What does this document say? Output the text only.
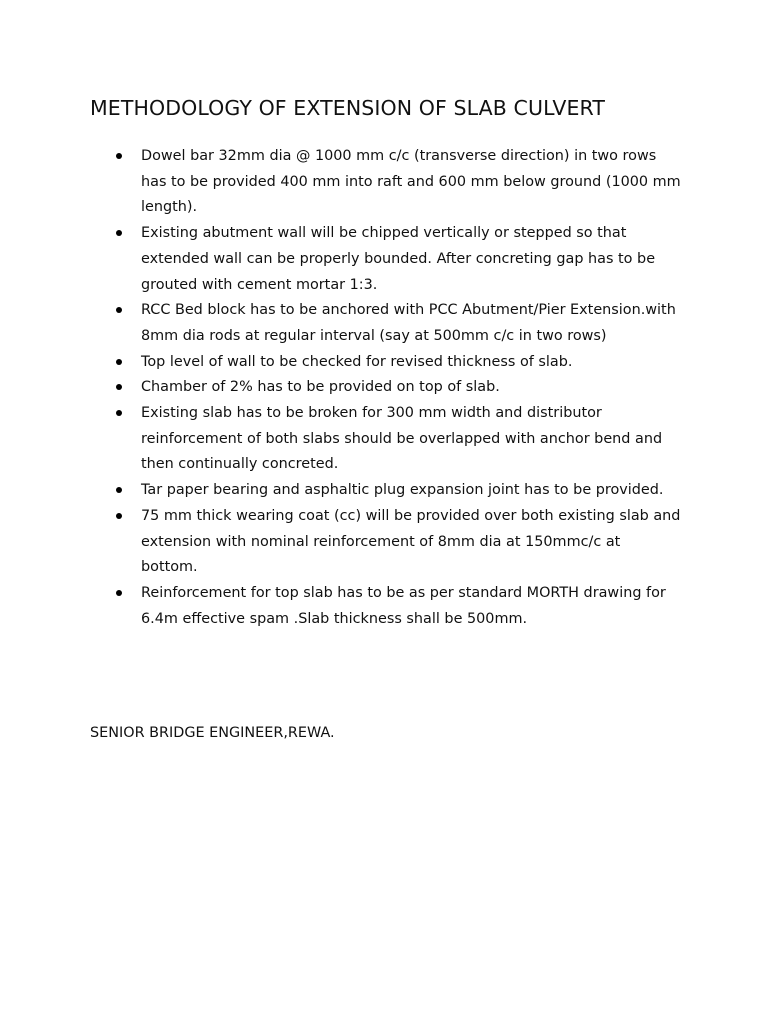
METHODOLOGY OF EXTENSION OF SLAB CULVERT
Dowel bar 32mm dia @ 1000 mm c/c (transverse direction) in two rows has to be provided 400 mm into raft and 600 mm below ground (1000 mm length).
Existing abutment wall will be chipped vertically or stepped so that extended wall can be properly bounded. After concreting gap has to be grouted with cement mortar 1:3.
RCC Bed block has to be anchored with PCC Abutment/Pier Extension.with 8mm dia rods at regular interval (say at 500mm c/c in two rows)
Top level of wall to be checked for revised thickness of slab.
Chamber of 2% has to be provided on top of slab.
Existing slab has to be broken for 300 mm width and distributor reinforcement of both slabs should be overlapped with anchor bend and then continually concreted.
Tar paper bearing and asphaltic plug expansion joint has to be provided.
75 mm thick wearing coat (cc) will be provided over both existing slab and extension with nominal reinforcement of 8mm dia at 150mmc/c at bottom.
Reinforcement for top slab has to be as per standard MORTH drawing for 6.4m effective spam .Slab thickness shall be 500mm.
SENIOR BRIDGE ENGINEER,REWA.
